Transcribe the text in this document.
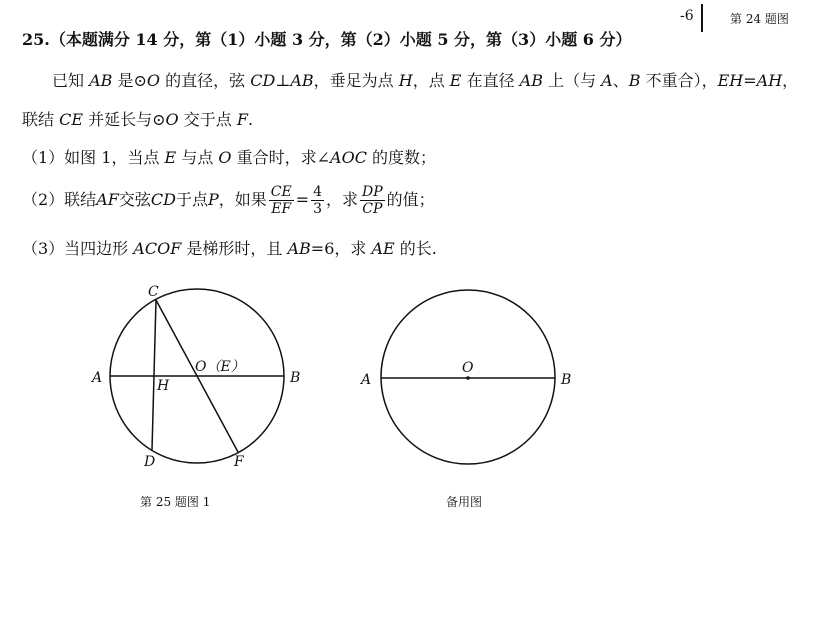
-6	第 24 题图
25.（本题满分 14 分，第（1）小题 3 分，第（2）小题 5 分，第（3）小题 6 分）
已知 AB 是⊙O 的直径，弦 CD⊥AB，垂足为点 H，点 E 在直径 AB 上（与 A、B 不重合），EH=AH，
联结 CE 并延长与⊙O 交于点 F.
（1）如图 1，当点 E 与点 O 重合时，求∠AOC 的度数；
（2）联结 AF 交弦 CD 于点 P ，如果 $\frac{CE}{EF} = \frac{4}{3}$ ，求 $\frac{DP}{CP}$ 的值；
（3）当四边形 ACOF 是梯形时，且 AB=6，求 AE 的长.
C
A	H
O（E）
B
D	F
A
O
B
第 25 题图 1	备用图
